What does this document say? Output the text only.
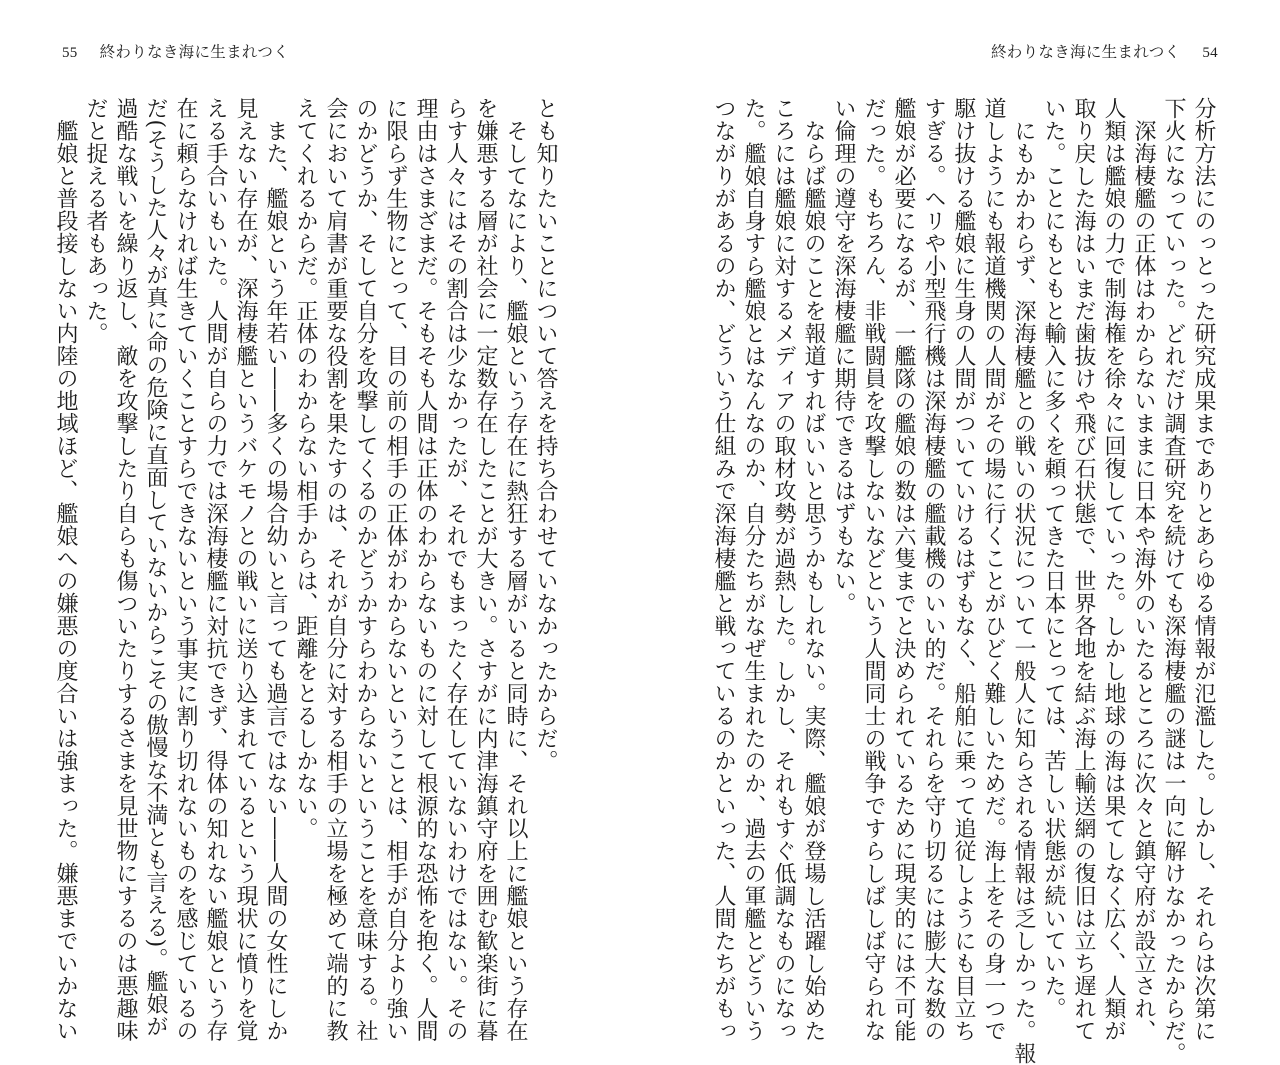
55 終わりなき海に生まれつく
とも知りたいことについて答えを持ち合わせていなかったからだ。
　そしてなにより、艦娘という存在に熱狂する層がいると同時に、それ以上に艦娘という存在
を嫌悪する層が社会に一定数存在したことが大きい。さすがに内津海鎮守府を囲む歓楽街に暮
らす人々にはその割合は少なかったが、それでもまったく存在していないわけではない。その
理由はさまざまだ。そもそも人間は正体のわからないものに対して根源的な恐怖を抱く。人間
に限らず生物にとって、目の前の相手の正体がわからないということは、相手が自分より強い
のかどうか、そして自分を攻撃してくるのかどうかすらわからないということを意味する。社
会において肩書が重要な役割を果たすのは、それが自分に対する相手の立場を極めて端的に教
えてくれるからだ。正体のわからない相手からは、距離をとるしかない。
　また、艦娘という年若い――多くの場合幼いと言っても過言ではない――人間の女性にしか
見えない存在が、深海棲艦というバケモノとの戦いに送り込まれているという現状に憤りを覚
える手合いもいた。人間が自らの力では深海棲艦に対抗できず、得体の知れない艦娘という存
在に頼らなければ生きていくことすらできないという事実に割り切れないものを感じているの
だ(そうした人々が真に命の危険に直面していないからこその傲慢な不満とも言える)。艦娘が
過酷な戦いを繰り返し、敵を攻撃したり自らも傷ついたりするさまを見世物にするのは悪趣味
だと捉える者もあった。
　艦娘と普段接しない内陸の地域ほど、艦娘への嫌悪の度合いは強まった。嫌悪までいかない
終わりなき海に生まれつく 54
分析方法にのっとった研究成果までありとあらゆる情報が氾濫した。しかし、それらは次第に
下火になっていった。どれだけ調査研究を続けても深海棲艦の謎は一向に解けなかったからだ。
　深海棲艦の正体はわからないままに日本や海外のいたるところに次々と鎮守府が設立され、
人類は艦娘の力で制海権を徐々に回復していった。しかし地球の海は果てしなく広く、人類が
取り戻した海はいまだ歯抜けや飛び石状態で、世界各地を結ぶ海上輸送網の復旧は立ち遅れて
いた。ことにもともと輸入に多くを頼ってきた日本にとっては、苦しい状態が続いていた。
　にもかかわらず、深海棲艦との戦いの状況について一般人に知らされる情報は乏しかった。報
道しようにも報道機関の人間がその場に行くことがひどく難しいためだ。海上をその身一つで
駆け抜ける艦娘に生身の人間がついていけるはずもなく、船舶に乗って追従しようにも目立ち
すぎる。ヘリや小型飛行機は深海棲艦の艦載機のいい的だ。それらを守り切るには膨大な数の
艦娘が必要になるが、一艦隊の艦娘の数は六隻までと決められているために現実的には不可能
だった。もちろん、非戦闘員を攻撃しないなどという人間同士の戦争ですらしばしば守られな
い倫理の遵守を深海棲艦に期待できるはずもない。
　ならば艦娘のことを報道すればいいと思うかもしれない。実際、艦娘が登場し活躍し始めた
ころには艦娘に対するメディアの取材攻勢が過熱した。しかし、それもすぐ低調なものになっ
た。艦娘自身すら艦娘とはなんなのか、自分たちがなぜ生まれたのか、過去の軍艦とどういう
つながりがあるのか、どういう仕組みで深海棲艦と戦っているのかといった、人間たちがもっ
